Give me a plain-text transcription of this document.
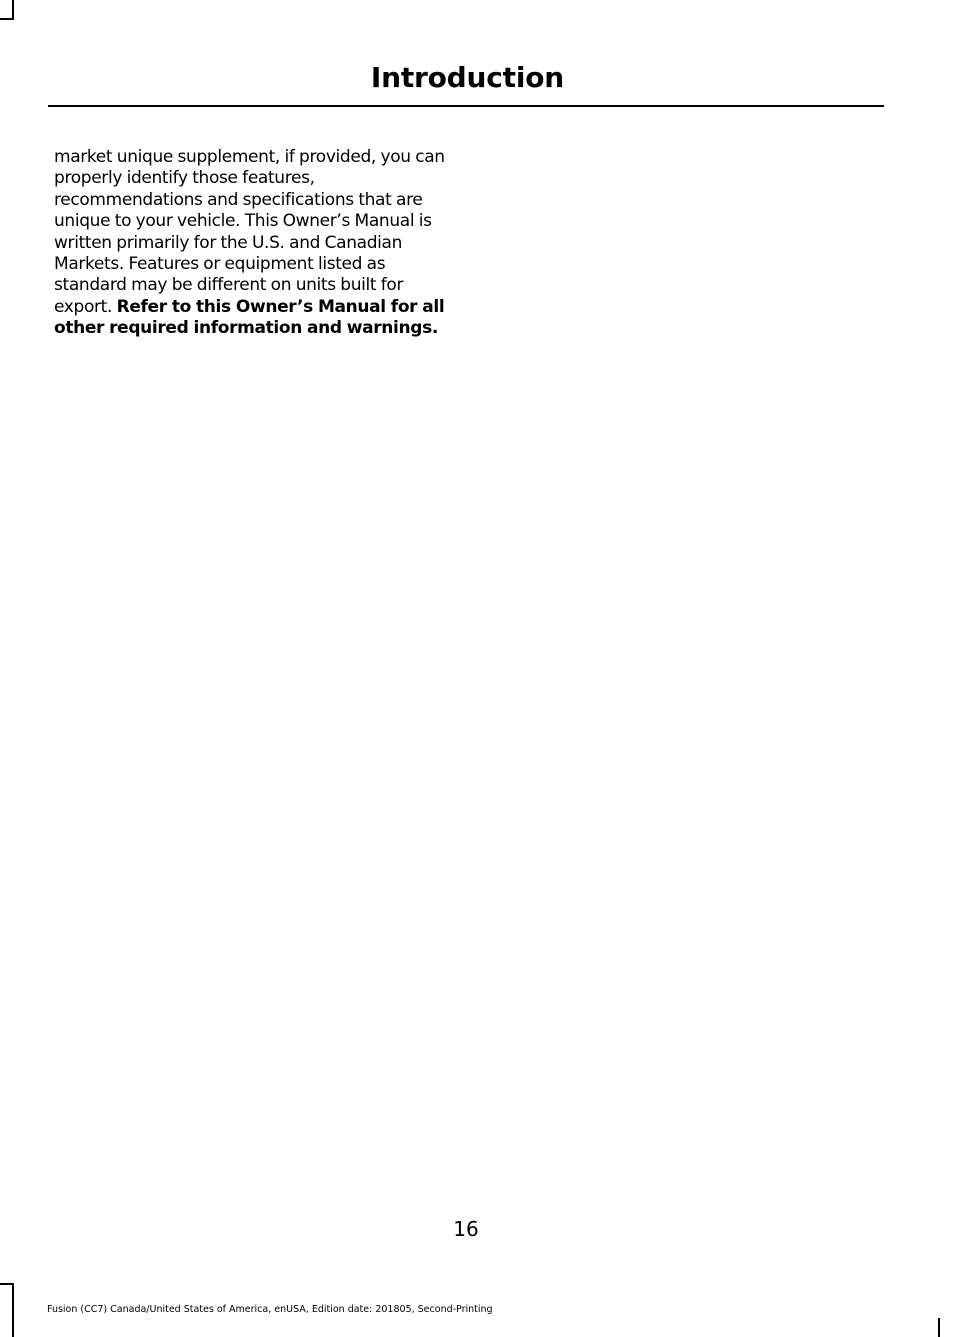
Introduction

market unique supplement, if provided, you can properly identify those features, recommendations and specifications that are unique to your vehicle. This Owner’s Manual is written primarily for the U.S. and Canadian Markets. Features or equipment listed as standard may be different on units built for export. Refer to this Owner’s Manual for all other required information and warnings.

16
Fusion (CC7) Canada/United States of America, enUSA, Edition date: 201805, Second-Printing
